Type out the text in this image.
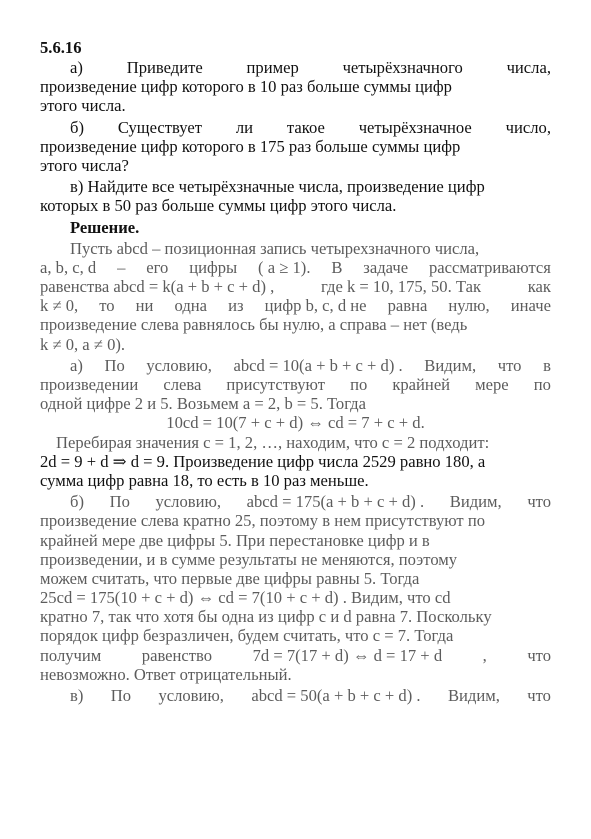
5.6.16
а)	Приведите	пример	четырёхзначного	числа,
произведение цифр которого в 10 раз больше суммы цифр
этого числа.
б) Существует ли такое четырёхзначное число,
произведение цифр которого в 175 раз больше суммы цифр
этого числа?
в) Найдите все четырёхзначные числа, произведение цифр
которых в 50 раз больше суммы цифр этого числа.
Решение.
Пусть abcd – позиционная запись четырехзначного числа,
a, b, c, d – его цифры ( a ≥ 1). В задаче рассматриваются
равенства abcd = k(a + b + c + d) ,	где k = 10, 175, 50. Так	как
k ≠ 0, то ни одна из цифр b, c, d не равна нулю, иначе
произведение слева равнялось бы нулю, а справа – нет (ведь
k ≠ 0, a ≠ 0).
а) По условию, abcd = 10(a + b + c + d) . Видим, что в
произведении слева присутствуют по крайней мере по
одной цифре 2 и 5. Возьмем a = 2, b = 5. Тогда
10cd = 10(7 + c + d) ⇔ cd = 7 + c + d.
Перебирая значения c = 1, 2, …, находим, что c = 2 подходит:
2d = 9 + d ⇒ d = 9. Произведение цифр числа 2529 равно 180, а
сумма цифр равна 18, то есть в 10 раз меньше.
б) По условию, abcd = 175(a + b + c + d) . Видим, что
произведение слева кратно 25, поэтому в нем присутствуют по
крайней мере две цифры 5. При перестановке цифр и в
произведении, и в сумме результаты не меняются, поэтому
можем считать, что первые две цифры равны 5. Тогда
25cd = 175(10 + c + d) ⇔ cd = 7(10 + c + d) . Видим, что cd
кратно 7, так что хотя бы одна из цифр c и d равна 7. Поскольку
порядок цифр безразличен, будем считать, что c = 7. Тогда
получим равенство 7d = 7(17 + d) ⇔ d = 17 + d , что
невозможно. Ответ отрицательный.
в) По условию, abcd = 50(a + b + c + d) . Видим, что
